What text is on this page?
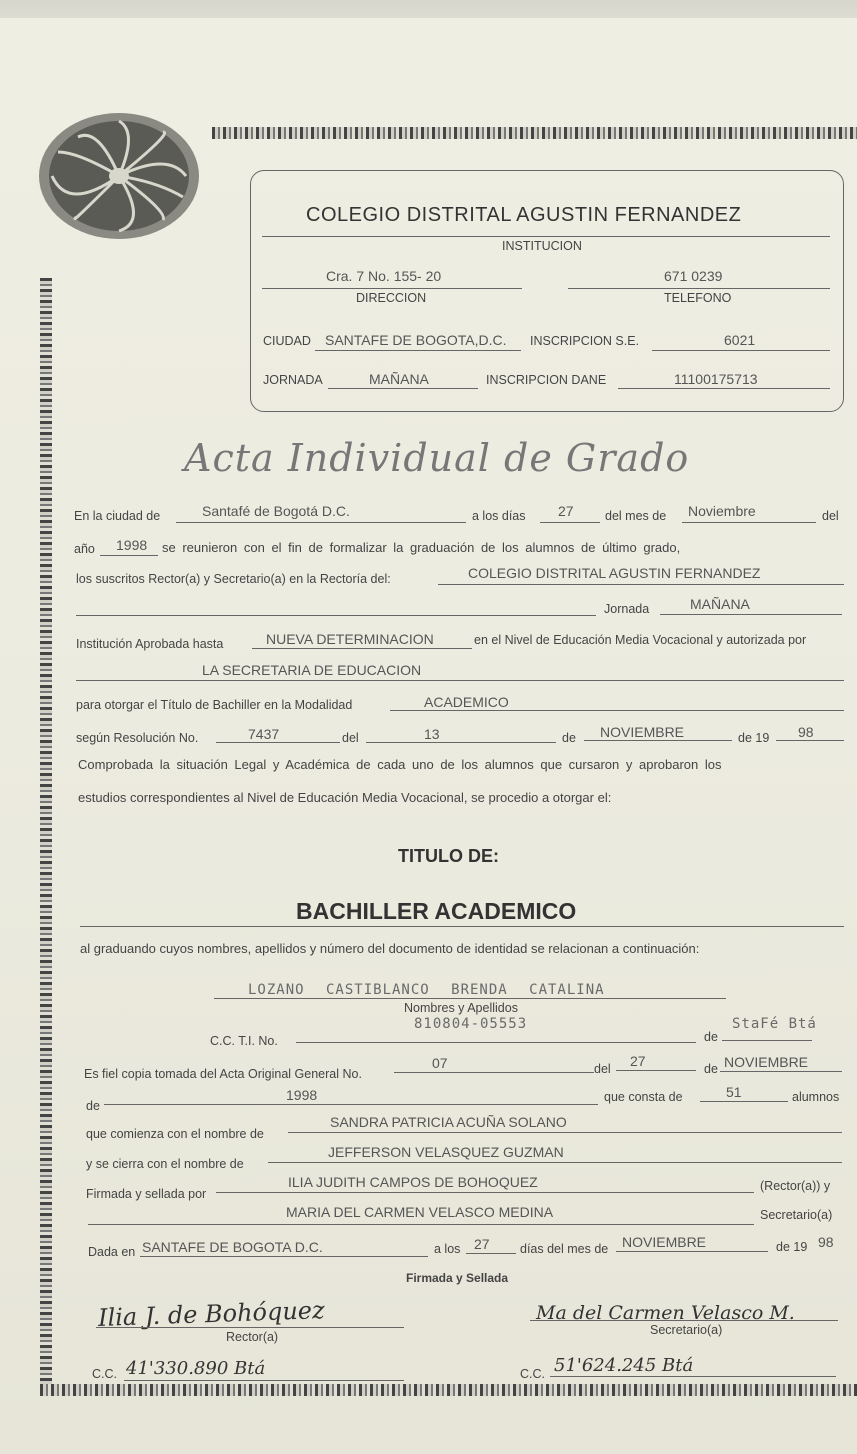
COLEGIO DISTRITAL AGUSTIN FERNANDEZ
INSTITUCION
Cra. 7 No. 155- 20
DIRECCION
671 0239
TELEFONO
CIUDAD SANTAFE DE BOGOTA,D.C. INSCRIPCION S.E.	6021
JORNADA	MAÑANA	INSCRIPCION DANE	11100175713
Acta Individual de Grado
En la ciudad de	Santafé de Bogotá D.C.	a los días 27	del mes de Noviembre	del
año 1998 se reunieron con el fin de formalizar la graduación de los alumnos de último grado,
los suscritos Rector(a) y Secretario(a) en la Rectoría del:	COLEGIO DISTRITAL AGUSTIN FERNANDEZ
Jornada	MAÑANA
Institución Aprobada hasta	NUEVA DETERMINACION	en el Nivel de Educación Media Vocacional y autorizada por
LA SECRETARIA DE EDUCACION
para otorgar el Título de Bachiller en la Modalidad	ACADEMICO
según Resolución No.	7437	del	13	de NOVIEMBRE	de 19 98
Comprobada la situación Legal y Académica de cada uno de los alumnos que cursaron y aprobaron los
estudios correspondientes al Nivel de Educación Media Vocacional, se procedio a otorgar el:
TITULO DE:
BACHILLER ACADEMICO
al graduando cuyos nombres, apellidos y número del documento de identidad se relacionan a continuación:
LOZANO CASTIBLANCO BRENDA CATALINA
Nombres y Apellidos
C.C. T.I. No.
810804-05553
de
StaFé Btá
Es fiel copia tomada del Acta Original General No.
07	del 27	de NOVIEMBRE
de
1998	que consta de	51	alumnos
que comienza con el nombre de
SANDRA PATRICIA ACUÑA SOLANO
y se cierra con el nombre de
JEFFERSON VELASQUEZ GUZMAN
Firmada y sellada por
ILIA JUDITH CAMPOS DE BOHOQUEZ	(Rector(a)) y
MARIA DEL CARMEN VELASCO MEDINA	Secretario(a)
Dada en SANTAFE DE BOGOTA D.C.	a los 27 días del mes de NOVIEMBRE	de 19 98
Firmada y Sellada
Ilia J. de Bohóquez
Rector(a)
Ma del Carmen Velasco M.
Secretario(a)
C.C. 41'330.890 Btá	C.C. 51'624.245 Btá
